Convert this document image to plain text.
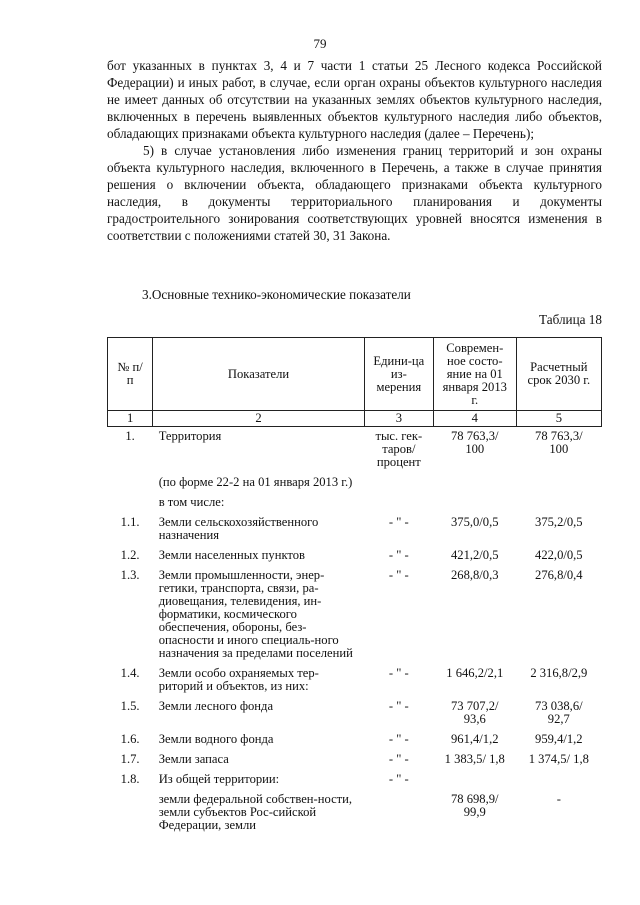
79

бот указанных в пунктах 3, 4 и 7 части 1 статьи 25 Лесного кодекса Российской Федерации) и иных работ, в случае, если орган охраны объектов культурного наследия не имеет данных об отсутствии на указанных землях объектов культурного наследия, включенных в перечень выявленных объектов культурного наследия либо объектов, обладающих признаками объекта культурного наследия (далее – Перечень);

5) в случае установления либо изменения границ территорий и зон охраны объекта культурного наследия, включенного в Перечень, а также в случае принятия решения о включении объекта, обладающего признаками объекта культурного наследия, в документы территориального планирования и документы градостроительного зонирования соответствующих уровней вносятся изменения в соответствии с положениями статей 30, 31 Закона.

3.Основные технико-экономические показатели
Таблица 18
№ п/п	Показатели	Едини-ца из-мерения	Современ-ное состо-яние на 01 января 2013 г.	Расчетный срок 2030 г.
1	2	3	4	5
1.	Территория	тыс. гек-таров/ процент	78 763,3/ 100	78 763,3/ 100
	(по форме 22-2 на 01 января 2013 г.)			
	в том числе:			
1.1.	Земли сельскохозяйственного назначения	- " -	375,0/0,5	375,2/0,5
1.2.	Земли населенных пунктов	- " -	421,2/0,5	422,0/0,5
1.3.	Земли промышленности, энер-гетики, транспорта, связи, ра-диовещания, телевидения, ин-форматики, космического обеспечения, обороны, без-опасности и иного специаль-ного назначения за пределами поселений	- " -	268,8/0,3	276,8/0,4
1.4.	Земли особо охраняемых тер-риторий и объектов, из них:	- " -	1 646,2/2,1	2 316,8/2,9
1.5.	Земли лесного фонда	- " -	73 707,2/ 93,6	73 038,6/ 92,7
1.6.	Земли водного фонда	- " -	961,4/1,2	959,4/1,2
1.7.	Земли запаса	- " -	1 383,5/ 1,8	1 374,5/ 1,8
1.8.	Из общей территории:	- " -		
	земли федеральной собствен-ности, земли субъектов Рос-сийской Федерации, земли		78 698,9/ 99,9	-
